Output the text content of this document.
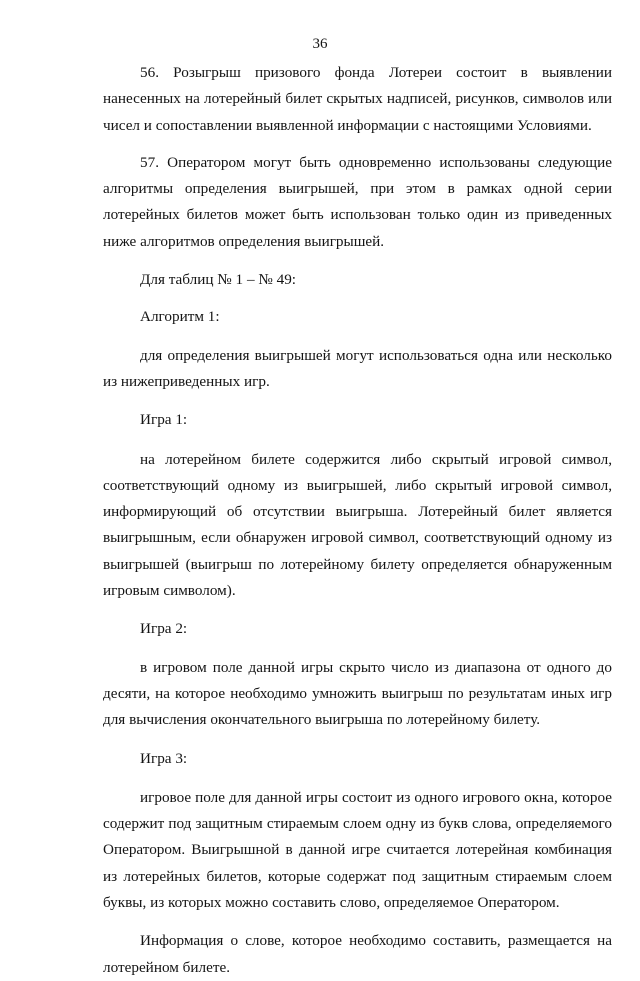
36

56. Розыгрыш призового фонда Лотереи состоит в выявлении нанесенных на лотерейный билет скрытых надписей, рисунков, символов или чисел и сопоставлении выявленной информации с настоящими Условиями.

57. Оператором могут быть одновременно использованы следующие алгоритмы определения выигрышей, при этом в рамках одной серии лотерейных билетов может быть использован только один из приведенных ниже алгоритмов определения выигрышей.

Для таблиц № 1 – № 49:

Алгоритм 1:

для определения выигрышей могут использоваться одна или несколько из нижеприведенных игр.

Игра 1:

на лотерейном билете содержится либо скрытый игровой символ, соответствующий одному из выигрышей, либо скрытый игровой символ, информирующий об отсутствии выигрыша. Лотерейный билет является выигрышным, если обнаружен игровой символ, соответствующий одному из выигрышей (выигрыш по лотерейному билету определяется обнаруженным игровым символом).

Игра 2:

в игровом поле данной игры скрыто число из диапазона от одного до десяти, на которое необходимо умножить выигрыш по результатам иных игр для вычисления окончательного выигрыша по лотерейному билету.

Игра 3:

игровое поле для данной игры состоит из одного игрового окна, которое содержит под защитным стираемым слоем одну из букв слова, определяемого Оператором. Выигрышной в данной игре считается лотерейная комбинация из лотерейных билетов, которые содержат под защитным стираемым слоем буквы, из которых можно составить слово, определяемое Оператором.

Информация о слове, которое необходимо составить, размещается на лотерейном билете.
